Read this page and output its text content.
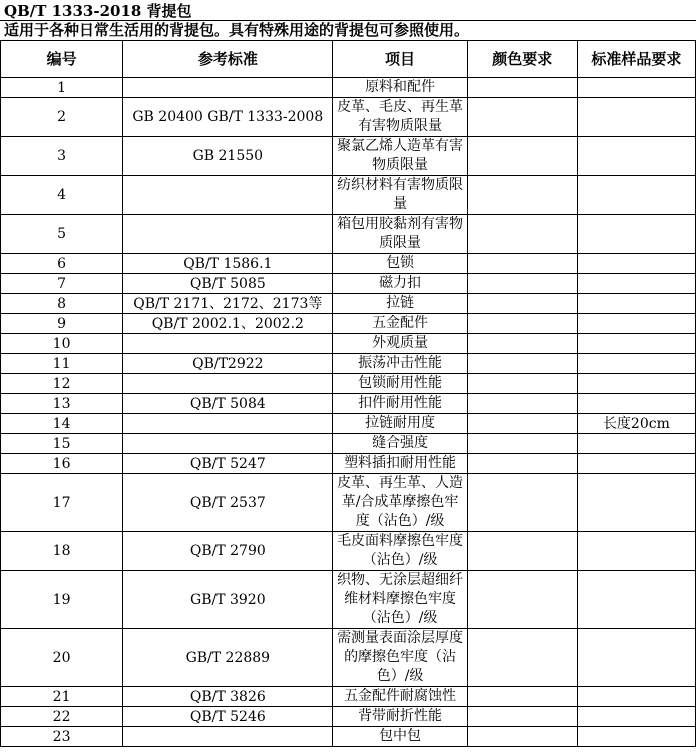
QB/T 1333-2018 背提包
适用于各种日常生活用的背提包。具有特殊用途的背提包可参照使用。
编号	参考标准	项目	颜色要求	标准样品要求
1		原料和配件		
2	GB 20400 GB/T 1333-2008	皮革、毛皮、再生革有害物质限量		
3	GB 21550	聚氯乙烯人造革有害物质限量		
4		纺织材料有害物质限量		
5		箱包用胶黏剂有害物质限量		
6	QB/T 1586.1	包锁		
7	QB/T 5085	磁力扣		
8	QB/T 2171、2172、2173等	拉链		
9	QB/T 2002.1、2002.2	五金配件		
10		外观质量		
11	QB/T2922	振荡冲击性能		
12		包锁耐用性能		
13	QB/T 5084	扣件耐用性能		
14		拉链耐用度		长度20cm
15		缝合强度		
16	QB/T 5247	塑料插扣耐用性能		
17	QB/T 2537	皮革、再生革、人造革/合成革摩擦色牢度（沾色）/级		
18	QB/T 2790	毛皮面料摩擦色牢度（沾色）/级		
19	GB/T 3920	织物、无涂层超细纤维材料摩擦色牢度（沾色）/级		
20	GB/T 22889	需测量表面涂层厚度的摩擦色牢度（沾色）/级		
21	QB/T 3826	五金配件耐腐蚀性		
22	QB/T 5246	背带耐折性能		
23		包中包		
